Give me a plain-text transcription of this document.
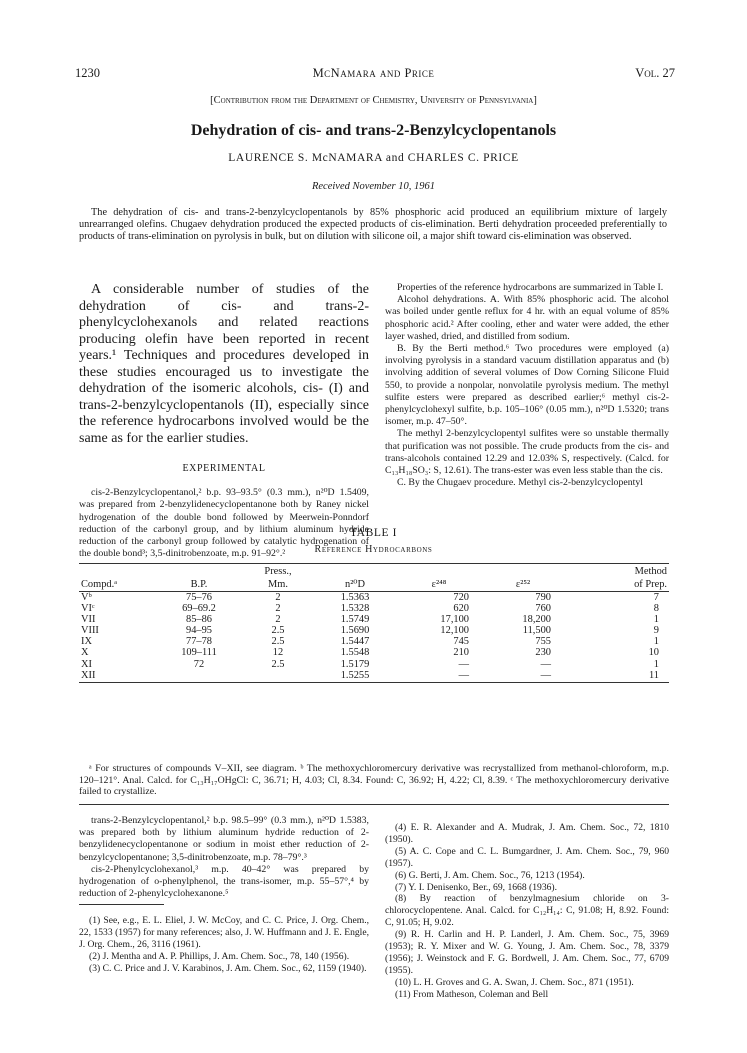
1230	McNamara and Price	Vol. 27
[Contribution from the Department of Chemistry, University of Pennsylvania]
Dehydration of cis- and trans-2-Benzylcyclopentanols
LAURENCE S. McNAMARA and CHARLES C. PRICE
Received November 10, 1961
The dehydration of cis- and trans-2-benzylcyclopentanols by 85% phosphoric acid produced an equilibrium mixture of largely unrearranged olefins. Chugaev dehydration produced the expected products of cis-elimination. Berti dehydration proceeded preferentially to products of trans-elimination on pyrolysis in bulk, but on dilution with silicone oil, a major shift toward cis-elimination was observed.

A considerable number of studies of the dehydration of cis- and trans-2-phenylcyclohexanols and related reactions producing olefin have been reported in recent years.¹ Techniques and procedures developed in these studies encouraged us to investigate the dehydration of the isomeric alcohols, cis- (I) and trans-2-benzylcyclopentanols (II), especially since the reference hydrocarbons involved would be the same as for the earlier studies.

EXPERIMENTAL

cis-2-Benzylcyclopentanol,² b.p. 93–93.5° (0.3 mm.), n²⁰D 1.5409, was prepared from 2-benzylidenecyclopentanone both by Raney nickel hydrogenation of the double bond followed by Meerwein-Ponndorf reduction of the carbonyl group, and by lithium aluminum hydride reduction of the carbonyl group followed by catalytic hydrogenation of the double bond³; 3,5-dinitrobenzoate, m.p. 91–92°.²

Properties of the reference hydrocarbons are summarized in Table I.

Alcohol dehydrations. A. With 85% phosphoric acid. The alcohol was boiled under gentle reflux for 4 hr. with an equal volume of 85% phosphoric acid.² After cooling, ether and water were added, the ether layer washed, dried, and distilled from sodium.

B. By the Berti method.⁶ Two procedures were employed (a) involving pyrolysis in a standard vacuum distillation apparatus and (b) involving addition of several volumes of Dow Corning Silicone Fluid 550, to provide a nonpolar, nonvolatile pyrolysis medium. The methyl sulfite esters were prepared as described earlier;⁶ methyl cis-2-phenylcyclohexyl sulfite, b.p. 105–106° (0.05 mm.), n²⁰D 1.5320; trans isomer, m.p. 47–50°.

The methyl 2-benzylcyclopentyl sulfites were so unstable thermally that purification was not possible. The crude products from the cis- and trans-alcohols contained 12.29 and 12.03% S, respectively. (Calcd. for C₁₃H₁₈SO₃: S, 12.61). The trans-ester was even less stable than the cis.

C. By the Chugaev procedure. Methyl cis-2-benzylcyclopentyl

TABLE I
Reference Hydrocarbons
		Press.,				Method
Compd.ᵃ	B.P.	Mm.	n²⁰D	ε²⁴⁸	ε²⁵²	of Prep.
Vᵇ	75–76	2	1.5363	720	790	7
VIᶜ	69–69.2	2	1.5328	620	760	8
VII	85–86	2	1.5749	17,100	18,200	1
VIII	94–95	2.5	1.5690	12,100	11,500	9
IX	77–78	2.5	1.5447	745	755	1
X	109–111	12	1.5548	210	230	10
XI	72	2.5	1.5179	—	—	1
XII			1.5255	—	—	11
ᵃ For structures of compounds V–XII, see diagram. ᵇ The methoxychloromercury derivative was recrystallized from methanol-chloroform, m.p. 120–121°. Anal. Calcd. for C₁₃H₁₇OHgCl: C, 36.71; H, 4.03; Cl, 8.34. Found: C, 36.92; H, 4.22; Cl, 8.39. ᶜ The methoxychloromercury derivative failed to crystallize.

trans-2-Benzylcyclopentanol,² b.p. 98.5–99° (0.3 mm.), n²⁰D 1.5383, was prepared both by lithium aluminum hydride reduction of 2-benzylidenecyclopentanone or sodium in moist ether reduction of 2-benzylcyclopentanone; 3,5-dinitrobenzoate, m.p. 78–79°.³

cis-2-Phenylcyclohexanol,³ m.p. 40–42° was prepared by hydrogenation of o-phenylphenol, the trans-isomer, m.p. 55–57°,⁴ by reduction of 2-phenylcyclohexanone.⁵

(1) See, e.g., E. L. Eliel, J. W. McCoy, and C. C. Price, J. Org. Chem., 22, 1533 (1957) for many references; also, J. W. Huffmann and J. E. Engle, J. Org. Chem., 26, 3116 (1961).

(2) J. Mentha and A. P. Phillips, J. Am. Chem. Soc., 78, 140 (1956).

(3) C. C. Price and J. V. Karabinos, J. Am. Chem. Soc., 62, 1159 (1940).

(4) E. R. Alexander and A. Mudrak, J. Am. Chem. Soc., 72, 1810 (1950).

(5) A. C. Cope and C. L. Bumgardner, J. Am. Chem. Soc., 79, 960 (1957).

(6) G. Berti, J. Am. Chem. Soc., 76, 1213 (1954).

(7) Y. I. Denisenko, Ber., 69, 1668 (1936).

(8) By reaction of benzylmagnesium chloride on 3-chlorocyclopentene. Anal. Calcd. for C₁₂H₁₄: C, 91.08; H, 8.92. Found: C, 91.05; H, 9.02.

(9) R. H. Carlin and H. P. Landerl, J. Am. Chem. Soc., 75, 3969 (1953); R. Y. Mixer and W. G. Young, J. Am. Chem. Soc., 78, 3379 (1956); J. Weinstock and F. G. Bordwell, J. Am. Chem. Soc., 77, 6709 (1955).

(10) L. H. Groves and G. A. Swan, J. Chem. Soc., 871 (1951).

(11) From Matheson, Coleman and Bell
